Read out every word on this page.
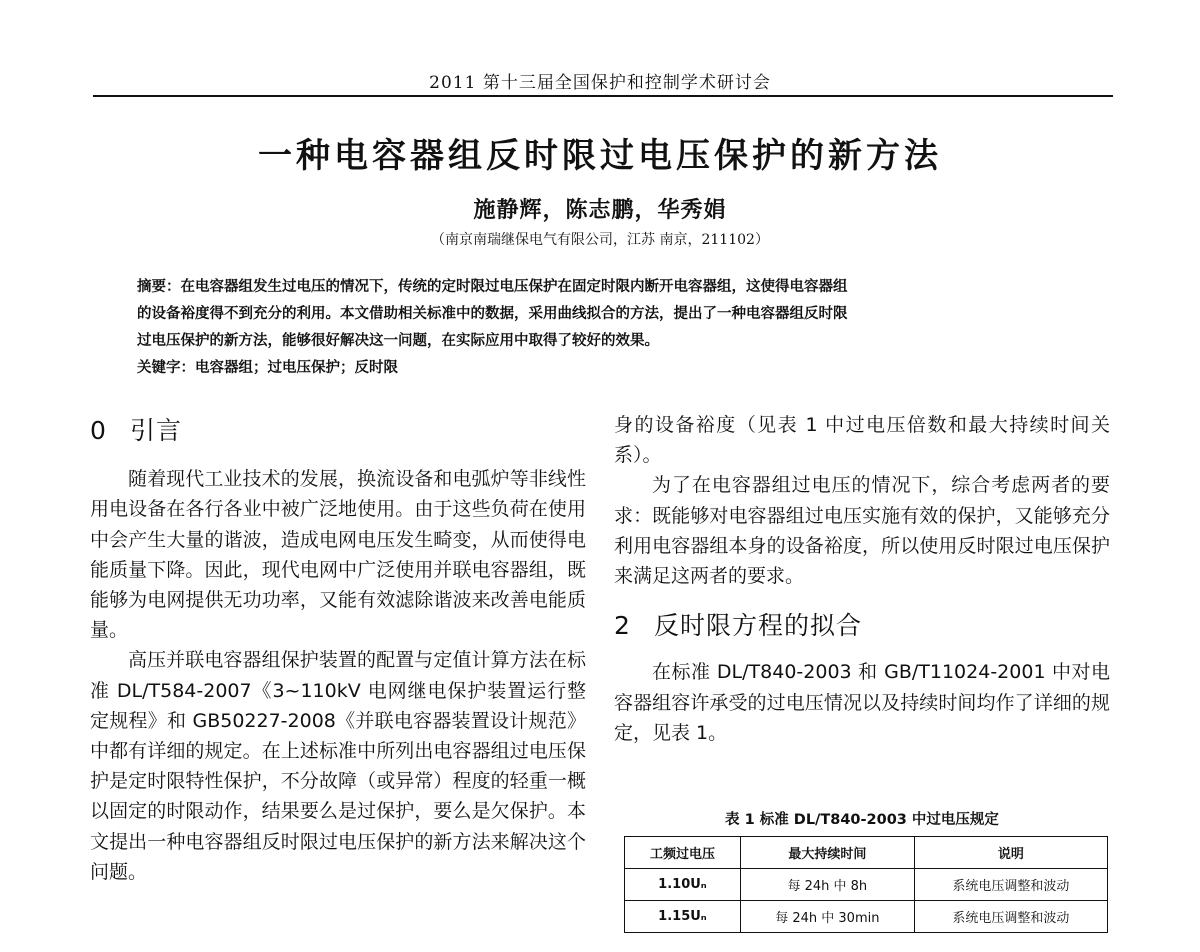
2011 第十三届全国保护和控制学术研讨会
一种电容器组反时限过电压保护的新方法
施静辉，陈志鹏，华秀娟
（南京南瑞继保电气有限公司，江苏 南京，211102）

摘要：在电容器组发生过电压的情况下，传统的定时限过电压保护在固定时限内断开电容器组，这使得电容器组

的设备裕度得不到充分的利用。本文借助相关标准中的数据，采用曲线拟合的方法，提出了一种电容器组反时限

过电压保护的新方法，能够很好解决这一问题，在实际应用中取得了较好的效果。

关键字：电容器组；过电压保护；反时限

0 引言

随着现代工业技术的发展，换流设备和电弧炉等非线性用电设备在各行各业中被广泛地使用。由于这些负荷在使用中会产生大量的谐波，造成电网电压发生畸变，从而使得电能质量下降。因此，现代电网中广泛使用并联电容器组，既能够为电网提供无功功率，又能有效滤除谐波来改善电能质量。

高压并联电容器组保护装置的配置与定值计算方法在标准 DL/T584-2007《3~110kV 电网继电保护装置运行整定规程》和 GB50227-2008《并联电容器装置设计规范》中都有详细的规定。在上述标准中所列出电容器组过电压保护是定时限特性保护，不分故障（或异常）程度的轻重一概以固定的时限动作，结果要么是过保护，要么是欠保护。本文提出一种电容器组反时限过电压保护的新方法来解决这个问题。

身的设备裕度（见表 1 中过电压倍数和最大持续时间关系）。

为了在电容器组过电压的情况下，综合考虑两者的要求：既能够对电容器组过电压实施有效的保护，又能够充分利用电容器组本身的设备裕度，所以使用反时限过电压保护来满足这两者的要求。

2 反时限方程的拟合

在标准 DL/T840-2003 和 GB/T11024-2001 中对电容器组容许承受的过电压情况以及持续时间均作了详细的规定，见表 1。

表 1 标准 DL/T840-2003 中过电压规定
工频过电压	最大持续时间	说明
1.10Uₙ	每 24h 中 8h	系统电压调整和波动
1.15Uₙ	每 24h 中 30min	系统电压调整和波动
